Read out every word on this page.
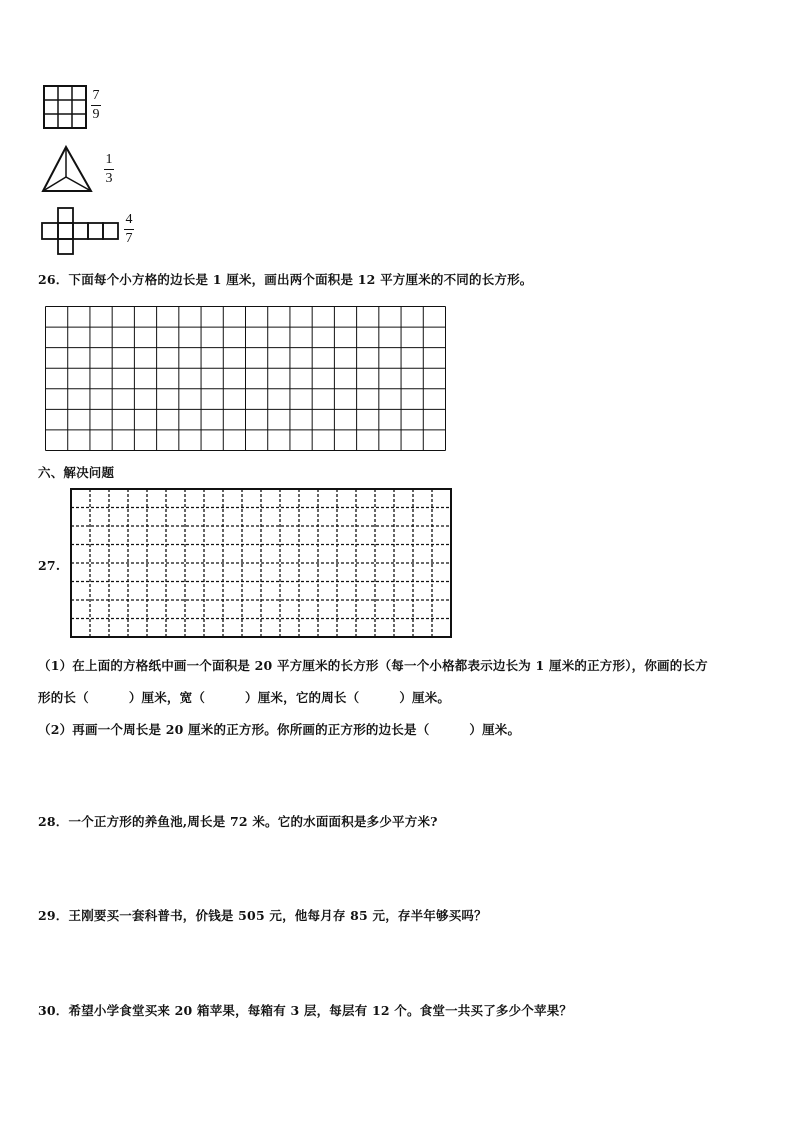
7
9
1
3
4
7
26．下面每个小方格的边长是 1 厘米，画出两个面积是 12 平方厘米的不同的长方形。
六、解决问题
27.
（1）在上面的方格纸中画一个面积是 20 平方厘米的长方形（每一个小格都表示边长为 1 厘米的正方形），你画的长方
形的长（	）厘米，宽（	）厘米，它的周长（	）厘米。
（2）再画一个周长是 20 厘米的正方形。你所画的正方形的边长是（	）厘米。
28．一个正方形的养鱼池,周长是 72 米。它的水面面积是多少平方米?
29．王刚要买一套科普书，价钱是 505 元，他每月存 85 元，存半年够买吗？
30．希望小学食堂买来 20 箱苹果，每箱有 3 层，每层有 12 个。食堂一共买了多少个苹果？
